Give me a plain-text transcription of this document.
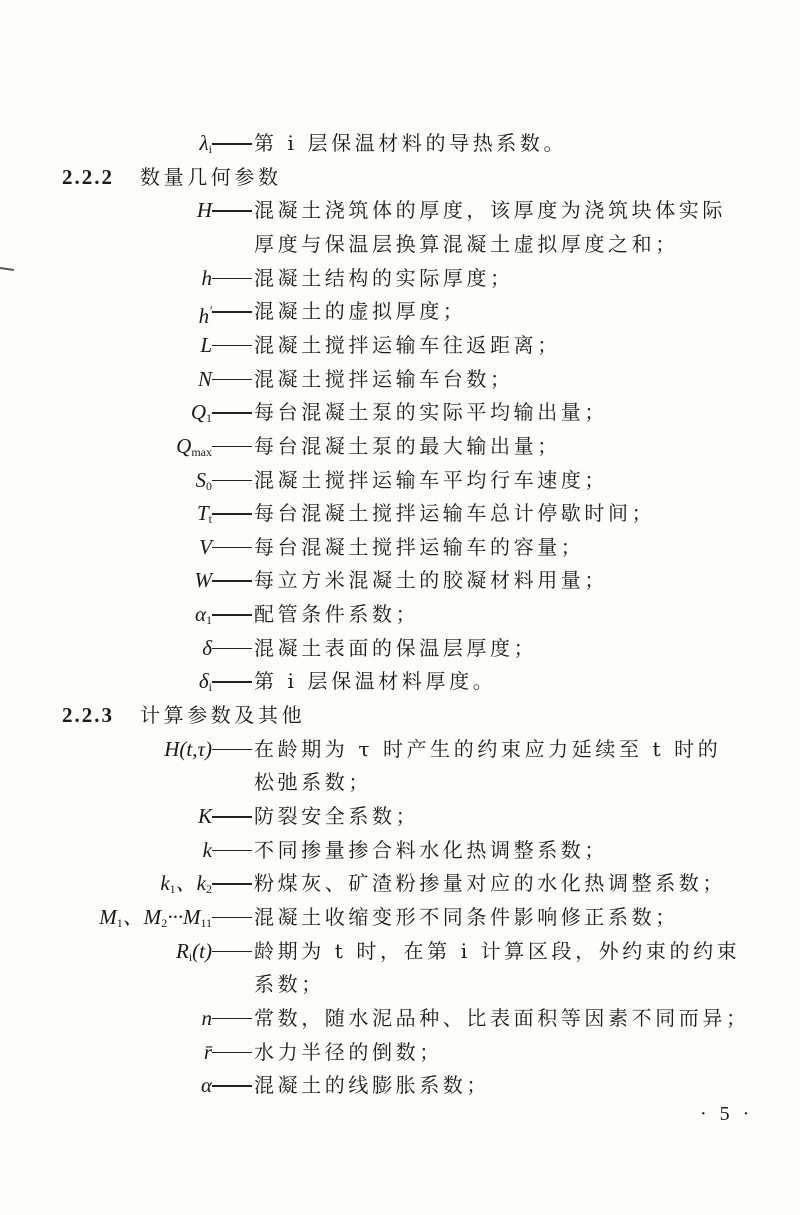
· 5 ·
$\lambda_i$ 第 i 层保温材料的导热系数。
2.2.2 数量几何参数
H 混凝土浇筑体的厚度，该厚度为浇筑块体实际
厚度与保温层换算混凝土虚拟厚度之和；
h 混凝土结构的实际厚度；
h′ 混凝土的虚拟厚度；
L 混凝土搅拌运输车往返距离；
N 混凝土搅拌运输车台数；
$Q_1$ 每台混凝土泵的实际平均输出量；
$Q_{max}$ 每台混凝土泵的最大输出量；
$S_0$ 混凝土搅拌运输车平均行车速度；
$T_t$ 每台混凝土搅拌运输车总计停歇时间；
V 每台混凝土搅拌运输车的容量；
W 每立方米混凝土的胶凝材料用量；
$\alpha_1$ 配管条件系数；
δ 混凝土表面的保温层厚度；
$\delta_i$ 第 i 层保温材料厚度。
2.2.3 计算参数及其他
H(t,τ) 在龄期为 τ 时产生的约束应力延续至 t 时的
松弛系数；
K 防裂安全系数；
k 不同掺量掺合料水化热调整系数；
$k_1$、$k_2$ 粉煤灰、矿渣粉掺量对应的水化热调整系数；
$M_1$、$M_2\cdot\cdot\cdot M_{11}$ 混凝土收缩变形不同条件影响修正系数；
$R_i(t)$ 龄期为 t 时，在第 i 计算区段，外约束的约束
系数；
n 常数，随水泥品种、比表面积等因素不同而异；
r̄ 水力半径的倒数；
α 混凝土的线膨胀系数；
